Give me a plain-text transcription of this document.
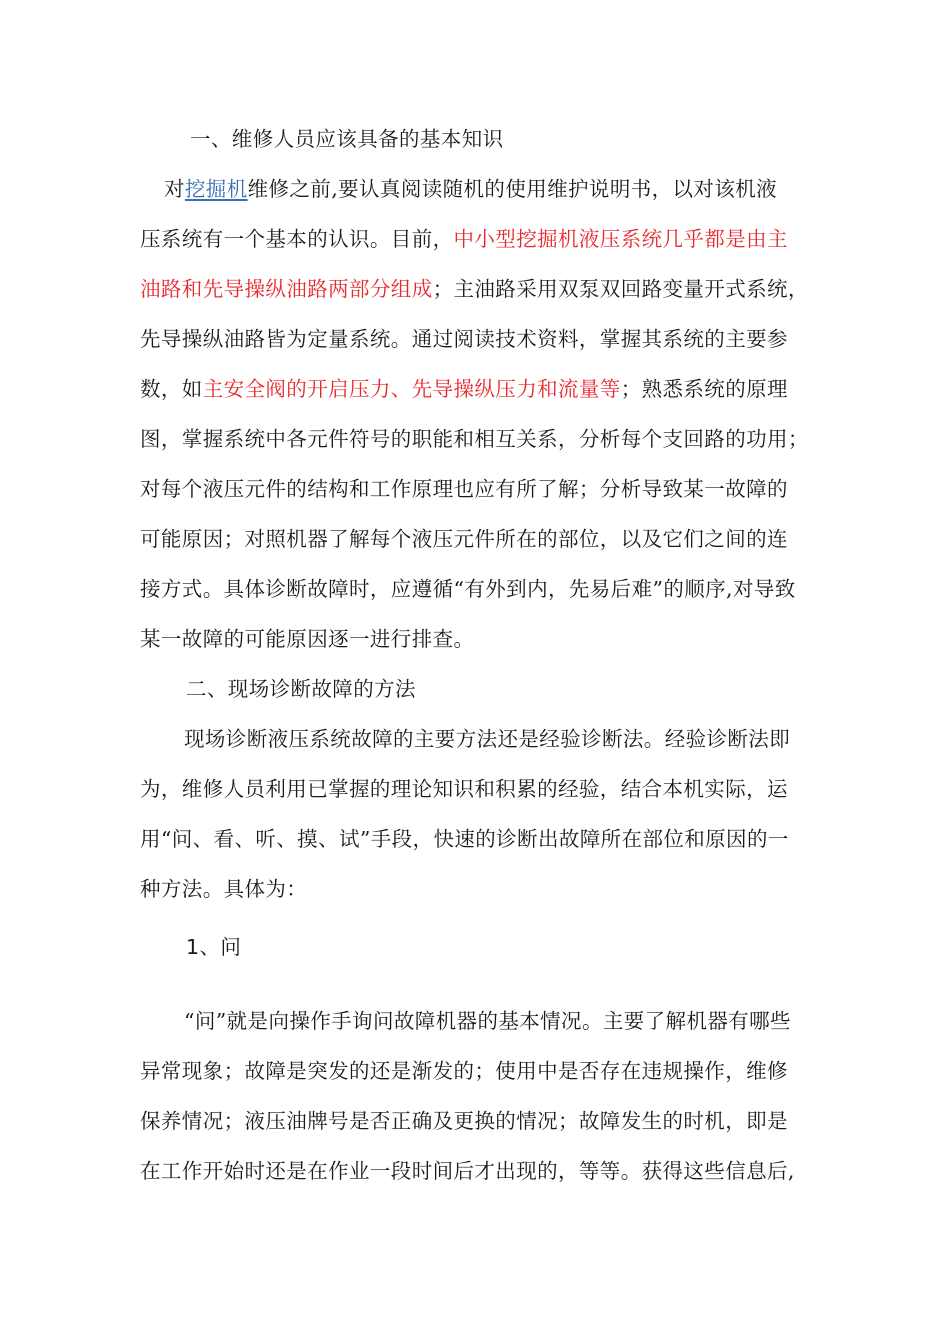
一、维修人员应该具备的基本知识
对挖掘机维修之前,要认真阅读随机的使用维护说明书，以对该机液
压系统有一个基本的认识。目前，中小型挖掘机液压系统几乎都是由主
油路和先导操纵油路两部分组成；主油路采用双泵双回路变量开式系统，
先导操纵油路皆为定量系统。通过阅读技术资料，掌握其系统的主要参
数，如主安全阀的开启压力、先导操纵压力和流量等；熟悉系统的原理
图，掌握系统中各元件符号的职能和相互关系，分析每个支回路的功用；
对每个液压元件的结构和工作原理也应有所了解；分析导致某一故障的
可能原因；对照机器了解每个液压元件所在的部位，以及它们之间的连
接方式。具体诊断故障时，应遵循“有外到内，先易后难”的顺序,对导致
某一故障的可能原因逐一进行排查。
二、现场诊断故障的方法
现场诊断液压系统故障的主要方法还是经验诊断法。经验诊断法即
为，维修人员利用已掌握的理论知识和积累的经验，结合本机实际，运
用“问、看、听、摸、试”手段，快速的诊断出故障所在部位和原因的一
种方法。具体为：
1、问
“问”就是向操作手询问故障机器的基本情况。主要了解机器有哪些
异常现象；故障是突发的还是渐发的；使用中是否存在违规操作，维修
保养情况；液压油牌号是否正确及更换的情况；故障发生的时机，即是
在工作开始时还是在作业一段时间后才出现的，等等。获得这些信息后,
